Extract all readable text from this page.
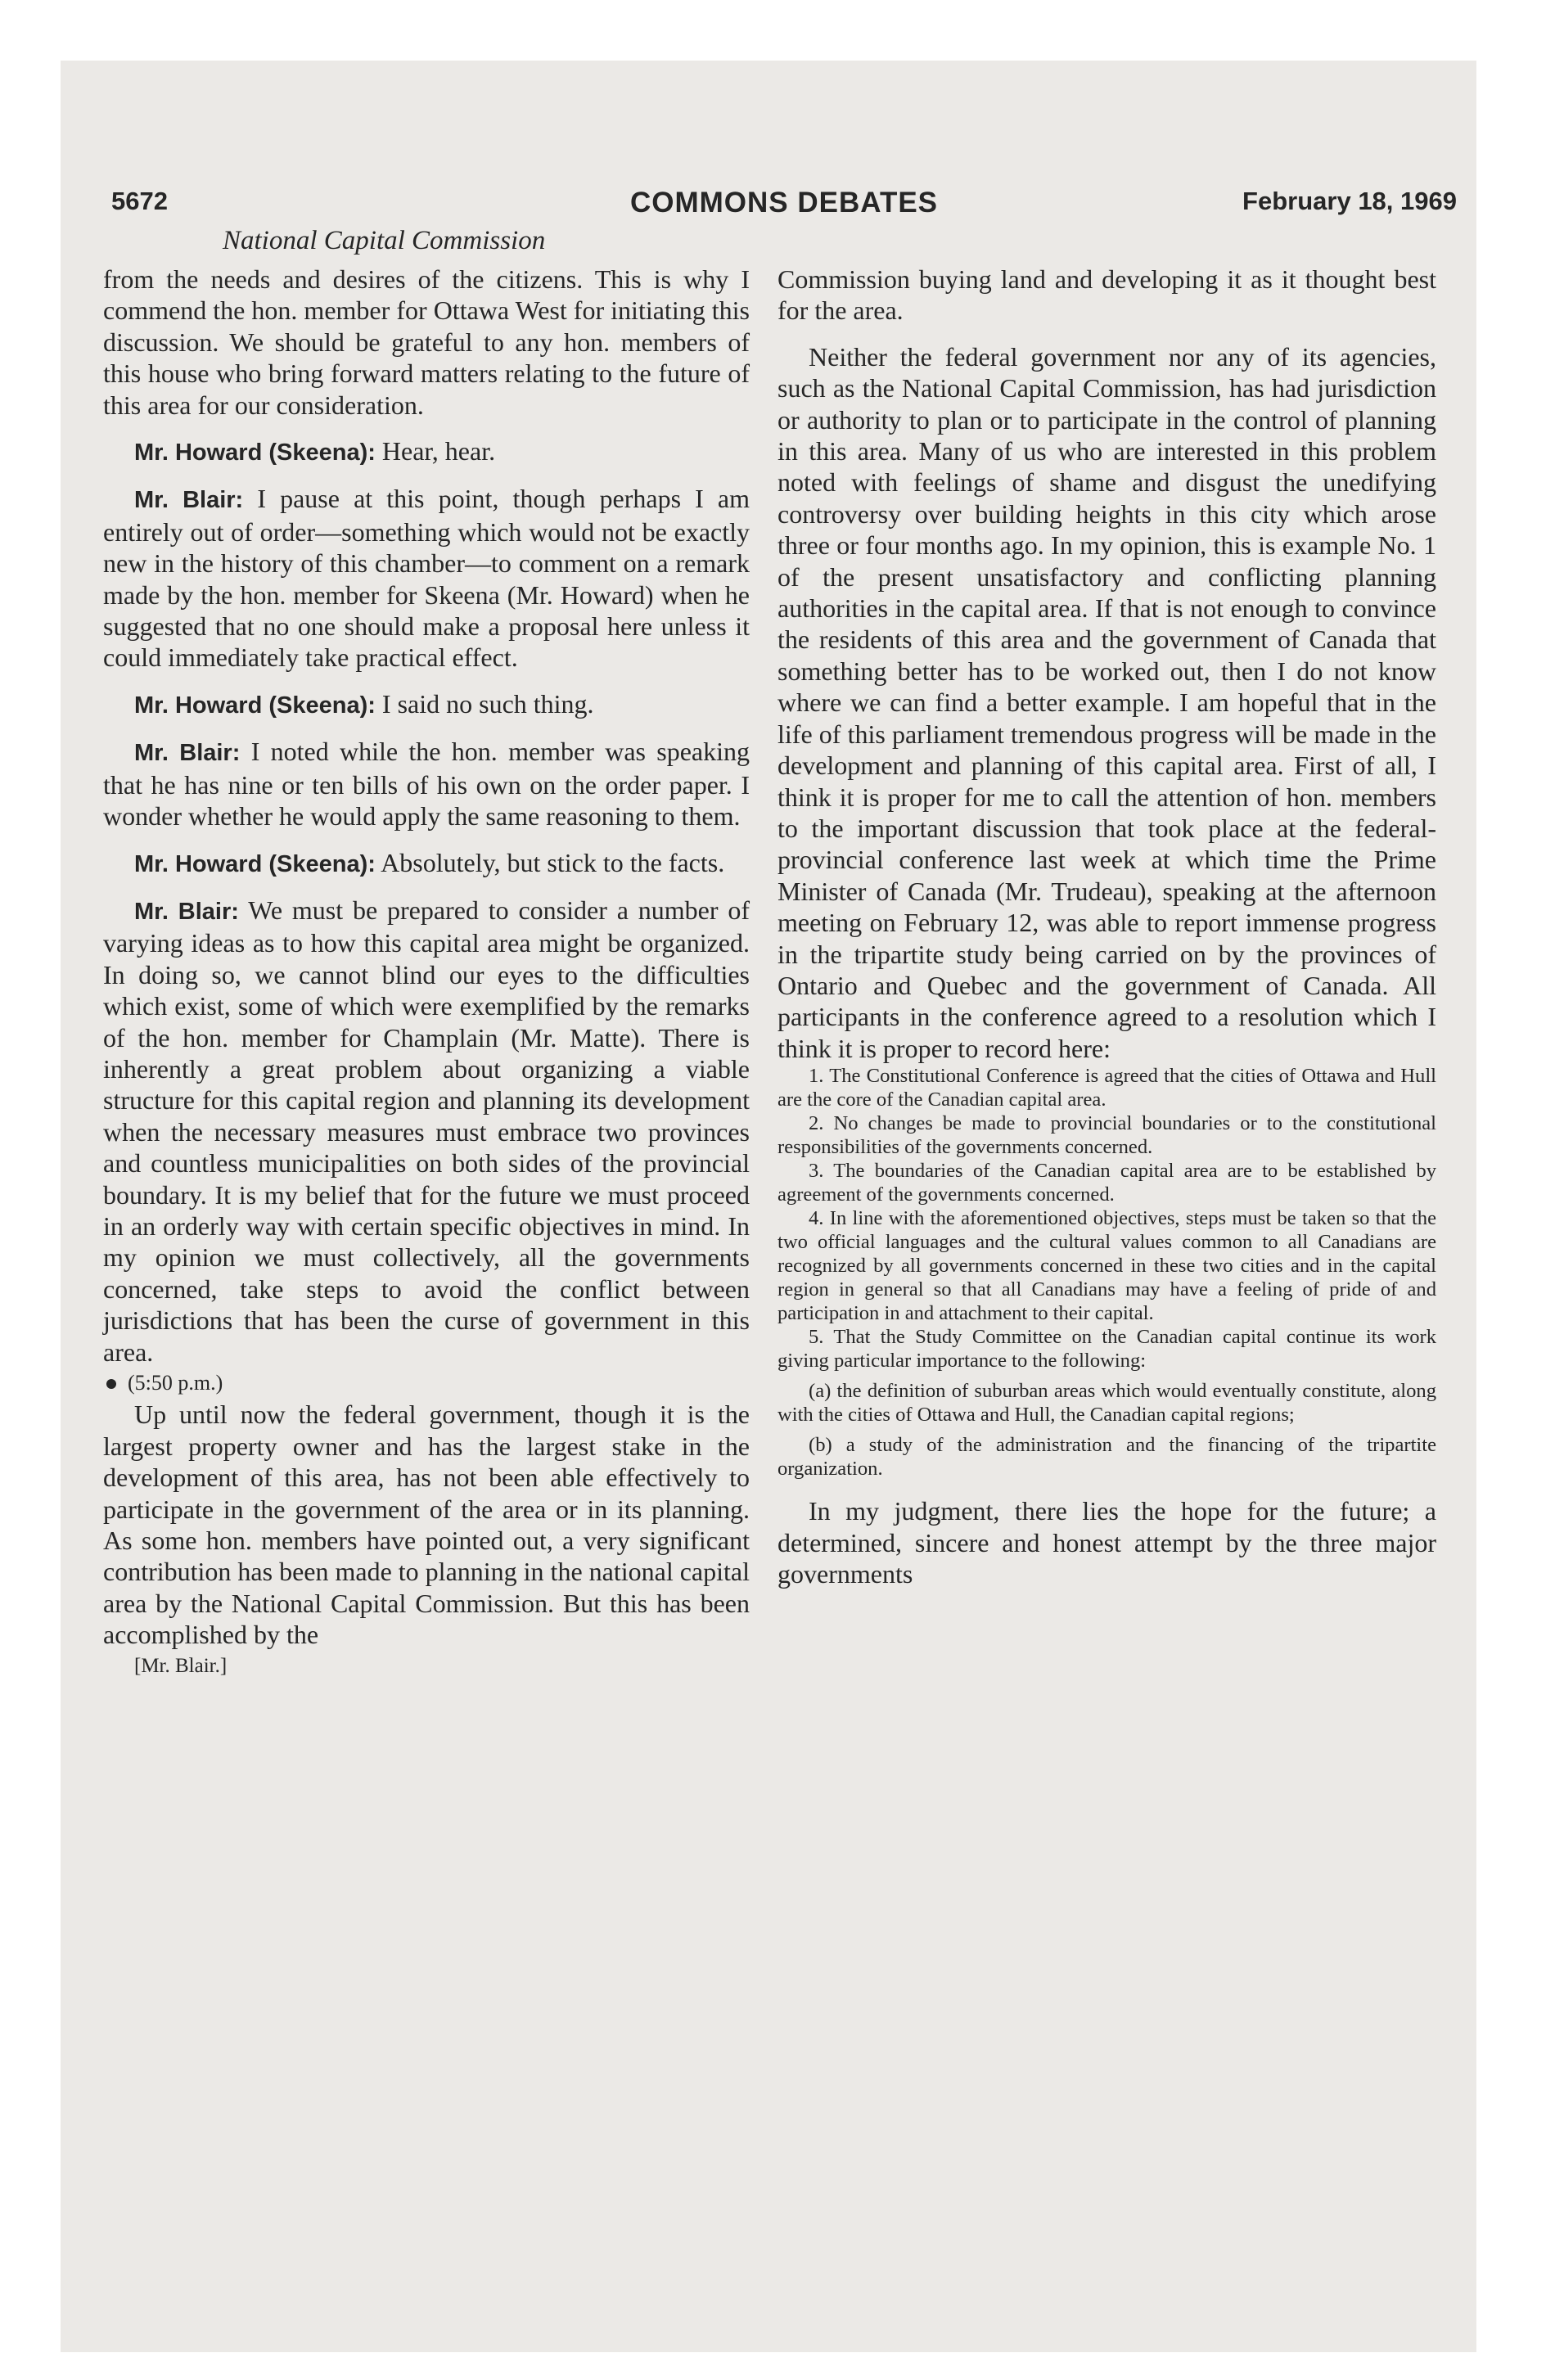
5672	COMMONS DEBATES	February 18, 1969
National Capital Commission

from the needs and desires of the citizens. This is why I commend the hon. member for Ottawa West for initiating this discussion. We should be grateful to any hon. members of this house who bring forward matters relating to the future of this area for our consideration.

Mr. Howard (Skeena): Hear, hear.

Mr. Blair: I pause at this point, though perhaps I am entirely out of order—something which would not be exactly new in the history of this chamber—to comment on a remark made by the hon. member for Skeena (Mr. Howard) when he suggested that no one should make a proposal here unless it could immediately take practical effect.

Mr. Howard (Skeena): I said no such thing.

Mr. Blair: I noted while the hon. member was speaking that he has nine or ten bills of his own on the order paper. I wonder whether he would apply the same reasoning to them.

Mr. Howard (Skeena): Absolutely, but stick to the facts.

Mr. Blair: We must be prepared to consider a number of varying ideas as to how this capital area might be organized. In doing so, we cannot blind our eyes to the difficulties which exist, some of which were exemplified by the remarks of the hon. member for Champlain (Mr. Matte). There is inherently a great problem about organizing a viable structure for this capital region and planning its development when the necessary measures must embrace two provinces and countless municipalities on both sides of the provincial boundary. It is my belief that for the future we must proceed in an orderly way with certain specific objectives in mind. In my opinion we must collectively, all the governments concerned, take steps to avoid the conflict between jurisdictions that has been the curse of government in this area.

(5:50 p.m.)

Up until now the federal government, though it is the largest property owner and has the largest stake in the development of this area, has not been able effectively to participate in the government of the area or in its planning. As some hon. members have pointed out, a very significant contribution has been made to planning in the national capital area by the National Capital Commission. But this has been accomplished by the

[Mr. Blair.]

Commission buying land and developing it as it thought best for the area.

Neither the federal government nor any of its agencies, such as the National Capital Commission, has had jurisdiction or authority to plan or to participate in the control of planning in this area. Many of us who are interested in this problem noted with feelings of shame and disgust the unedifying controversy over building heights in this city which arose three or four months ago. In my opinion, this is example No. 1 of the present unsatisfactory and conflicting planning authorities in the capital area. If that is not enough to convince the residents of this area and the government of Canada that something better has to be worked out, then I do not know where we can find a better example. I am hopeful that in the life of this parliament tremendous progress will be made in the development and planning of this capital area. First of all, I think it is proper for me to call the attention of hon. members to the important discussion that took place at the federal-provincial conference last week at which time the Prime Minister of Canada (Mr. Trudeau), speaking at the afternoon meeting on February 12, was able to report immense progress in the tripartite study being carried on by the provinces of Ontario and Quebec and the government of Canada. All participants in the conference agreed to a resolution which I think it is proper to record here:

1. The Constitutional Conference is agreed that the cities of Ottawa and Hull are the core of the Canadian capital area.

2. No changes be made to provincial boundaries or to the constitutional responsibilities of the governments concerned.

3. The boundaries of the Canadian capital area are to be established by agreement of the governments concerned.

4. In line with the aforementioned objectives, steps must be taken so that the two official languages and the cultural values common to all Canadians are recognized by all governments concerned in these two cities and in the capital region in general so that all Canadians may have a feeling of pride of and participation in and attachment to their capital.

5. That the Study Committee on the Canadian capital continue its work giving particular importance to the following:

(a) the definition of suburban areas which would eventually constitute, along with the cities of Ottawa and Hull, the Canadian capital regions;

(b) a study of the administration and the financing of the tripartite organization.

In my judgment, there lies the hope for the future; a determined, sincere and honest attempt by the three major governments
